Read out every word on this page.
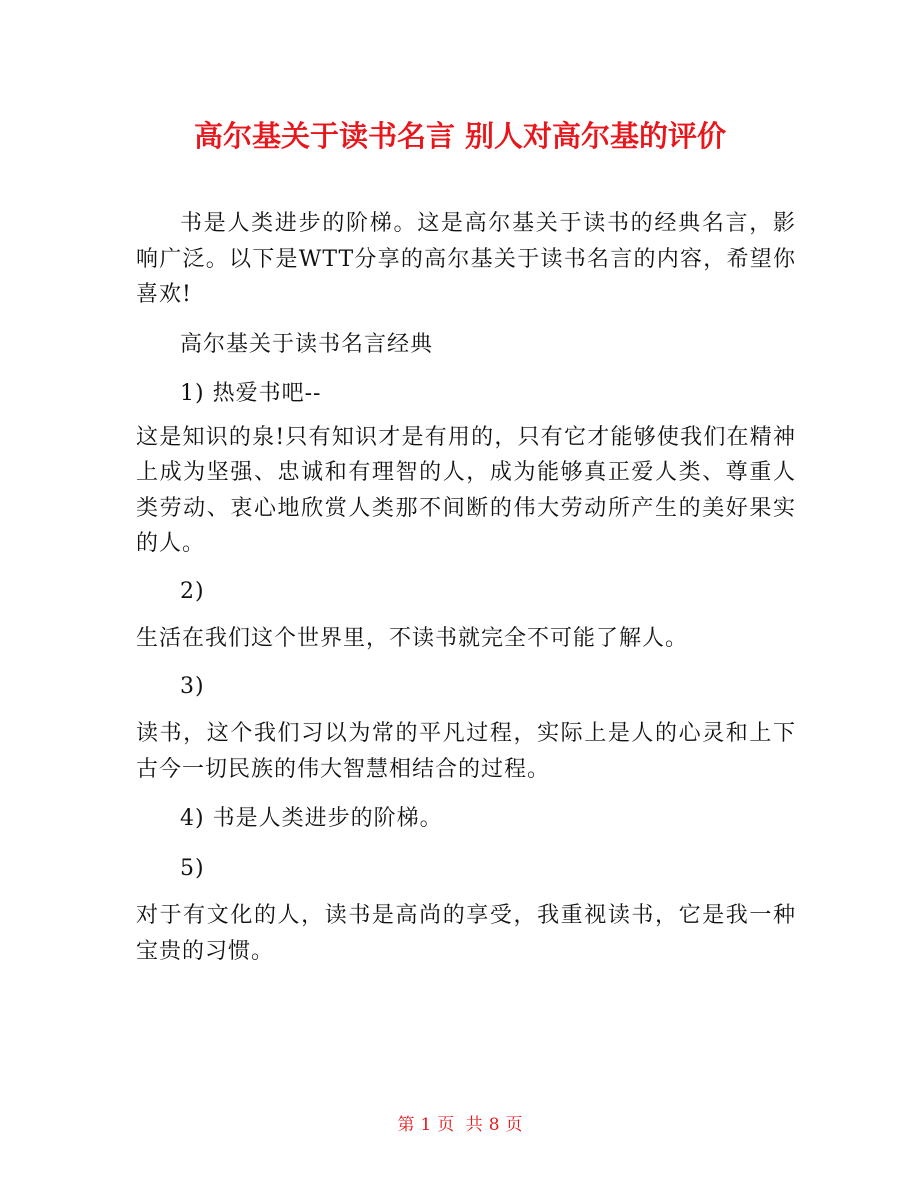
高尔基关于读书名言 别人对高尔基的评价

书是人类进步的阶梯。这是高尔基关于读书的经典名言，影响广泛。以下是WTT分享的高尔基关于读书名言的内容，希望你喜欢!

高尔基关于读书名言经典

1) 热爱书吧--

这是知识的泉!只有知识才是有用的，只有它才能够使我们在精神上成为坚强、忠诚和有理智的人，成为能够真正爱人类、尊重人类劳动、衷心地欣赏人类那不间断的伟大劳动所产生的美好果实的人。

2)

生活在我们这个世界里，不读书就完全不可能了解人。

3)

读书，这个我们习以为常的平凡过程，实际上是人的心灵和上下古今一切民族的伟大智慧相结合的过程。

4) 书是人类进步的阶梯。

5)

对于有文化的人，读书是高尚的享受，我重视读书，它是我一种宝贵的习惯。

第 1 页 共 8 页
